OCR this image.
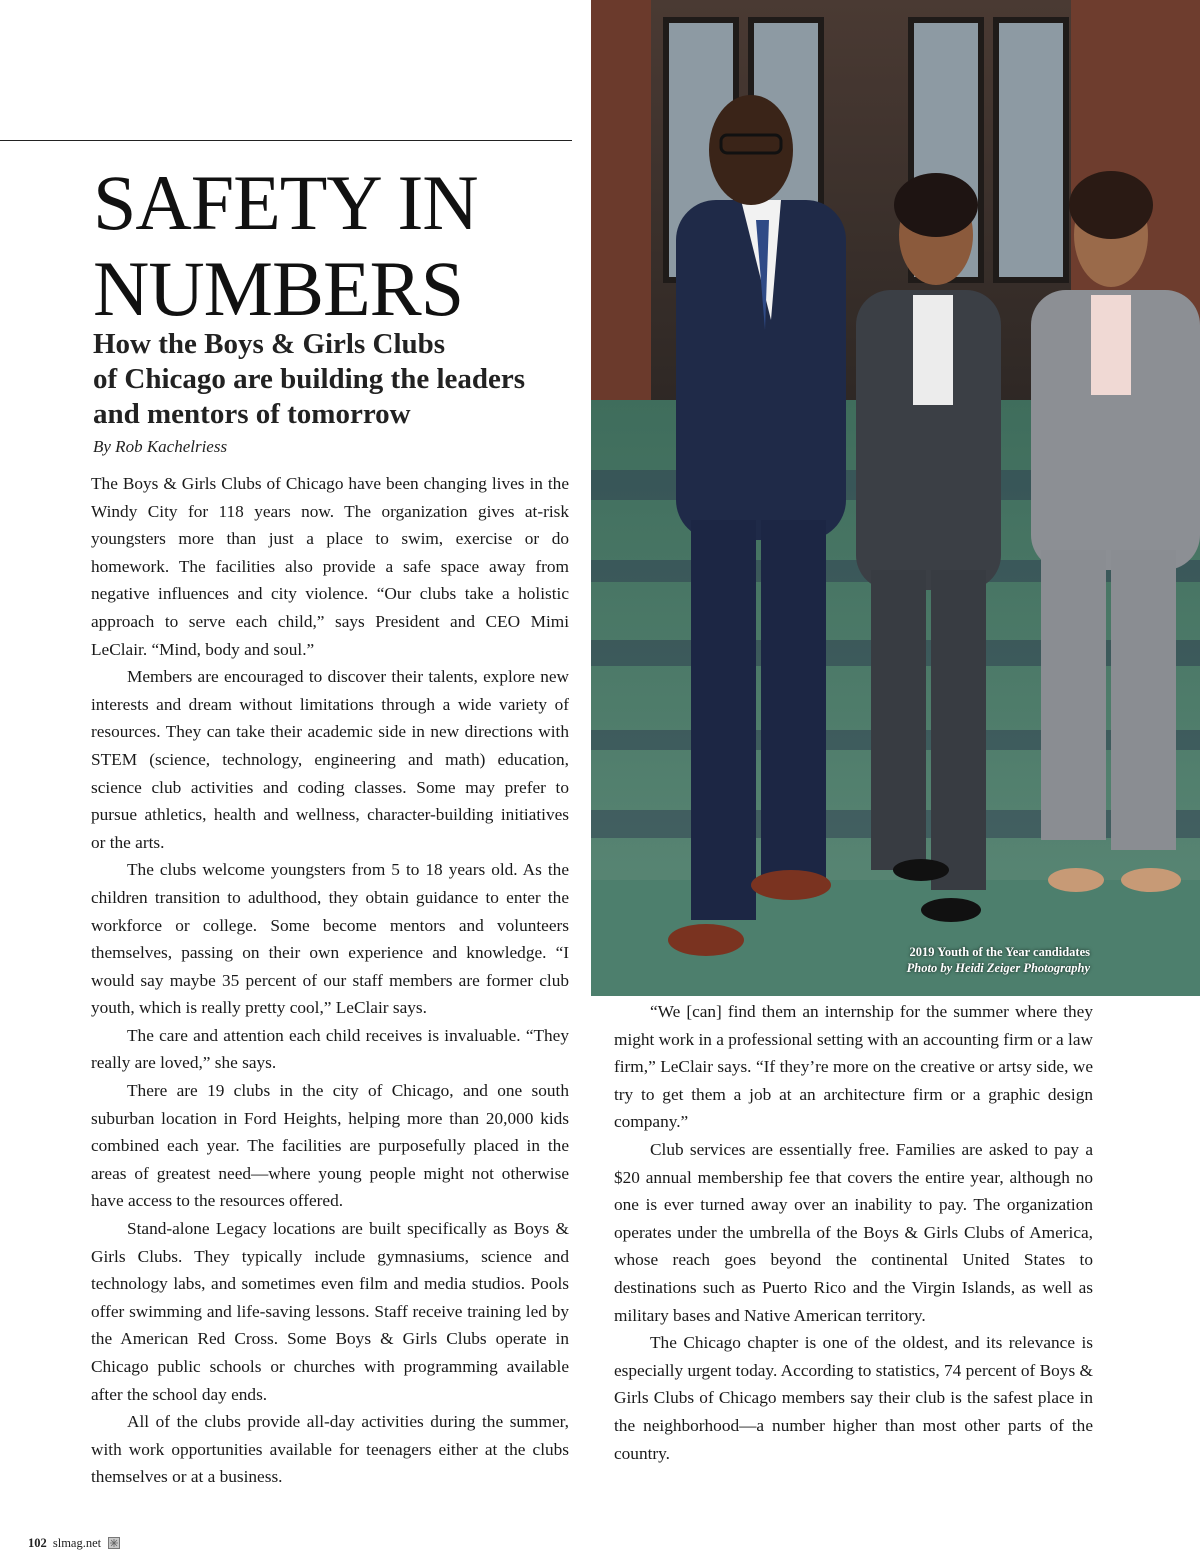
SAFETY IN
NUMBERS
How the Boys & Girls Clubs
of Chicago are building the leaders
and mentors of tomorrow
By Rob Kachelriess

The Boys & Girls Clubs of Chicago have been changing lives in the Windy City for 118 years now. The organization gives at-risk youngsters more than just a place to swim, exercise or do homework. The facilities also provide a safe space away from negative influences and city violence. “Our clubs take a holistic approach to serve each child,” says President and CEO Mimi LeClair. “Mind, body and soul.”

Members are encouraged to discover their talents, explore new interests and dream without limitations through a wide variety of resources. They can take their academic side in new directions with STEM (science, technology, engineering and math) education, science club activities and coding classes. Some may prefer to pursue athletics, health and wellness, character-building initiatives or the arts.

The clubs welcome youngsters from 5 to 18 years old. As the children transition to adulthood, they obtain guidance to enter the workforce or college. Some become mentors and volunteers themselves, passing on their own experience and knowledge. “I would say maybe 35 percent of our staff members are former club youth, which is really pretty cool,” LeClair says.

The care and attention each child receives is invaluable. “They really are loved,” she says.

There are 19 clubs in the city of Chicago, and one south suburban location in Ford Heights, helping more than 20,000 kids combined each year. The facilities are purposefully placed in the areas of greatest need—where young people might not otherwise have access to the resources offered.

Stand-alone Legacy locations are built specifically as Boys & Girls Clubs. They typically include gymnasiums, science and technology labs, and sometimes even film and media studios. Pools offer swimming and life-saving lessons. Staff receive training led by the American Red Cross. Some Boys & Girls Clubs operate in Chicago public schools or churches with programming available after the school day ends.

All of the clubs provide all-day activities during the summer, with work opportunities available for teenagers either at the clubs themselves or at a business.

2019 Youth of the Year candidates
Photo by Heidi Zeiger Photography

“We [can] find them an internship for the summer where they might work in a professional setting with an accounting firm or a law firm,” LeClair says. “If they’re more on the creative or artsy side, we try to get them a job at an architecture firm or a graphic design company.”

Club services are essentially free. Families are asked to pay a $20 annual membership fee that covers the entire year, although no one is ever turned away over an inability to pay. The organization operates under the umbrella of the Boys & Girls Clubs of America, whose reach goes beyond the continental United States to destinations such as Puerto Rico and the Virgin Islands, as well as military bases and Native American territory.

The Chicago chapter is one of the oldest, and its relevance is especially urgent today. According to statistics, 74 percent of Boys & Girls Clubs of Chicago members say their club is the safest place in the neighborhood—a number higher than most other parts of the country.

102 slmag.net
